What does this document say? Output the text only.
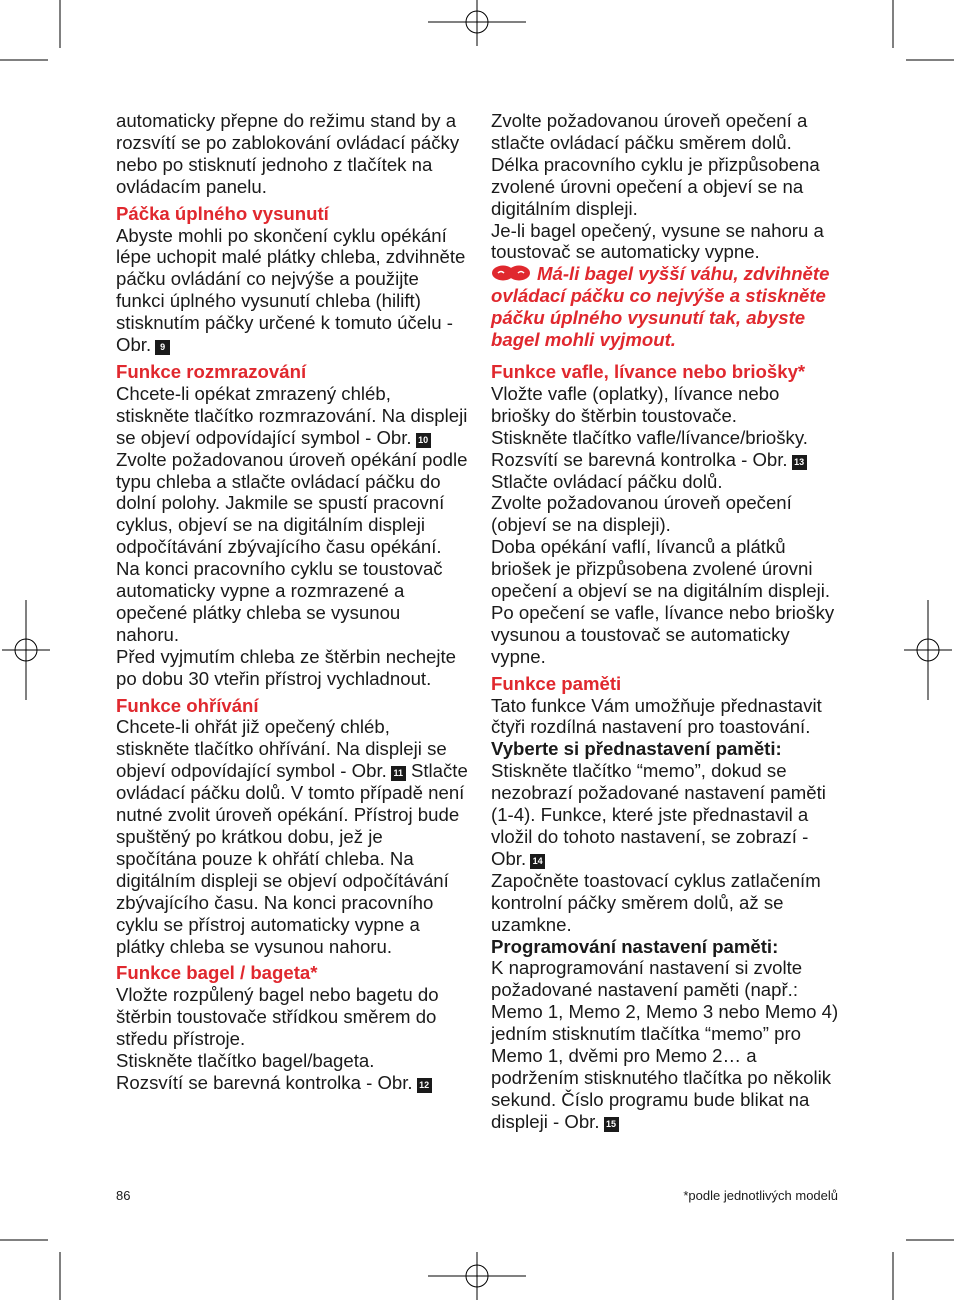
automaticky přepne do režimu stand by a rozsvítí se po zablokování ovládací páčky nebo po stisknutí jednoho z tlačítek na ovládacím panelu.

Páčka úplného vysunutí

Abyste mohli po skončení cyklu opékání lépe uchopit malé plátky chleba, zdvihněte páčku ovládání co nejvýše a použijte funkci úplného vysunutí chleba (hilift) stisknutím páčky určené k tomuto účelu - Obr. 9

Funkce rozmrazování

Chcete-li opékat zmrazený chléb, stiskněte tlačítko rozmrazování. Na displeji se objeví odpovídající symbol - Obr. 10 Zvolte požadovanou úroveň opékání podle typu chleba a stlačte ovládací páčku do dolní polohy. Jakmile se spustí pracovní cyklus, objeví se na digitálním displeji odpočítávání zbývajícího času opékání. Na konci pracovního cyklu se toustovač automaticky vypne a rozmrazené a opečené plátky chleba se vysunou nahoru.

Před vyjmutím chleba ze štěrbin nechejte po dobu 30 vteřin přístroj vychladnout.

Funkce ohřívání

Chcete-li ohřát již opečený chléb, stiskněte tlačítko ohřívání. Na displeji se objeví odpovídající symbol - Obr. 11 Stlačte ovládací páčku dolů. V tomto případě není nutné zvolit úroveň opékání. Přístroj bude spuštěný po krátkou dobu, jež je spočítána pouze k ohřátí chleba. Na digitálním displeji se objeví odpočítávání zbývajícího času. Na konci pracovního cyklu se přístroj automaticky vypne a plátky chleba se vysunou nahoru.

Funkce bagel / bageta*

Vložte rozpůlený bagel nebo bagetu do štěrbin toustovače střídkou směrem do středu přístroje.

Stiskněte tlačítko bagel/bageta.

Rozsvítí se barevná kontrolka - Obr. 12

Zvolte požadovanou úroveň opečení a stlačte ovládací páčku směrem dolů. Délka pracovního cyklu je přizpůsobena zvolené úrovni opečení a objeví se na digitálním displeji.

Je-li bagel opečený, vysune se nahoru a toustovač se automaticky vypne.

Má-li bagel vyšší váhu, zdvihněte ovládací páčku co nejvýše a stiskněte páčku úplného vysunutí tak, abyste bagel mohli vyjmout.

Funkce vafle, lívance nebo briošky*

Vložte vafle (oplatky), lívance nebo briošky do štěrbin toustovače.

Stiskněte tlačítko vafle/lívance/briošky.

Rozsvítí se barevná kontrolka - Obr. 13

Stlačte ovládací páčku dolů.

Zvolte požadovanou úroveň opečení (objeví se na displeji).

Doba opékání vaflí, lívanců a plátků briošek je přizpůsobena zvolené úrovni opečení a objeví se na digitálním displeji.

Po opečení se vafle, lívance nebo briošky vysunou a toustovač se automaticky vypne.

Funkce paměti

Tato funkce Vám umožňuje přednastavit čtyři rozdílná nastavení pro toastování.

Vyberte si přednastavení paměti:

Stiskněte tlačítko “memo”, dokud se nezobrazí požadované nastavení paměti (1-4). Funkce, které jste přednastavil a vložil do tohoto nastavení, se zobrazí - Obr. 14

Započněte toastovací cyklus zatlačením kontrolní páčky směrem dolů, až se uzamkne.

Programování nastavení paměti:

K naprogramování nastavení si zvolte požadované nastavení paměti (např.: Memo 1, Memo 2, Memo 3 nebo Memo 4) jedním stisknutím tlačítka “memo” pro Memo 1, dvěmi pro Memo 2… a podržením stisknutého tlačítka po několik sekund. Číslo programu bude blikat na displeji - Obr. 15

86	*podle jednotlivých modelů
